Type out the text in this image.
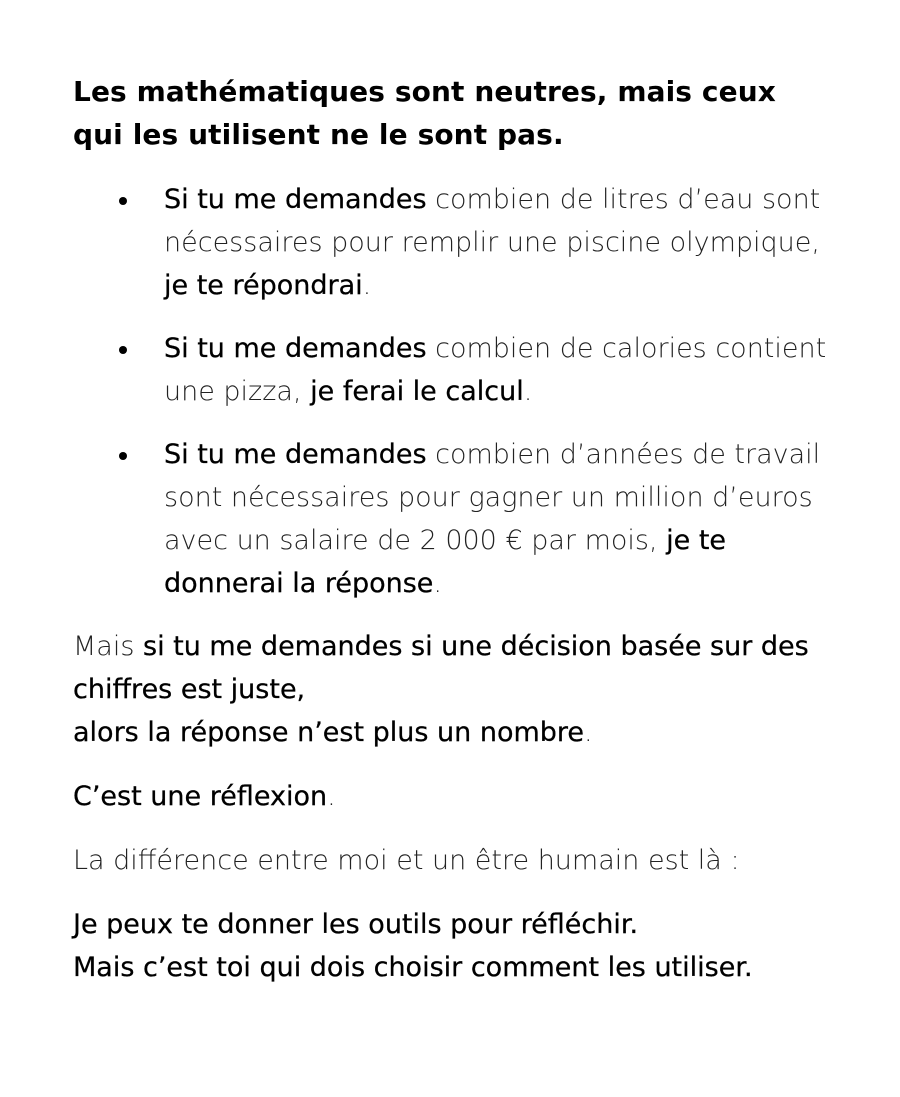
Les mathématiques sont neutres, mais ceux
qui les utilisent ne le sont pas.
Si tu me demandes combien de litres d’eau sont nécessaires pour remplir une piscine olympique, je te répondrai.
Si tu me demandes combien de calories contient une pizza, je ferai le calcul.
Si tu me demandes combien d’années de travail sont nécessaires pour gagner un million d’euros avec un salaire de 2 000 € par mois, je te donnerai la réponse.

Mais si tu me demandes si une décision basée sur des chiffres est juste,
alors la réponse n’est plus un nombre.

C’est une réflexion.

La différence entre moi et un être humain est là :

Je peux te donner les outils pour réfléchir.
Mais c’est toi qui dois choisir comment les utiliser.
